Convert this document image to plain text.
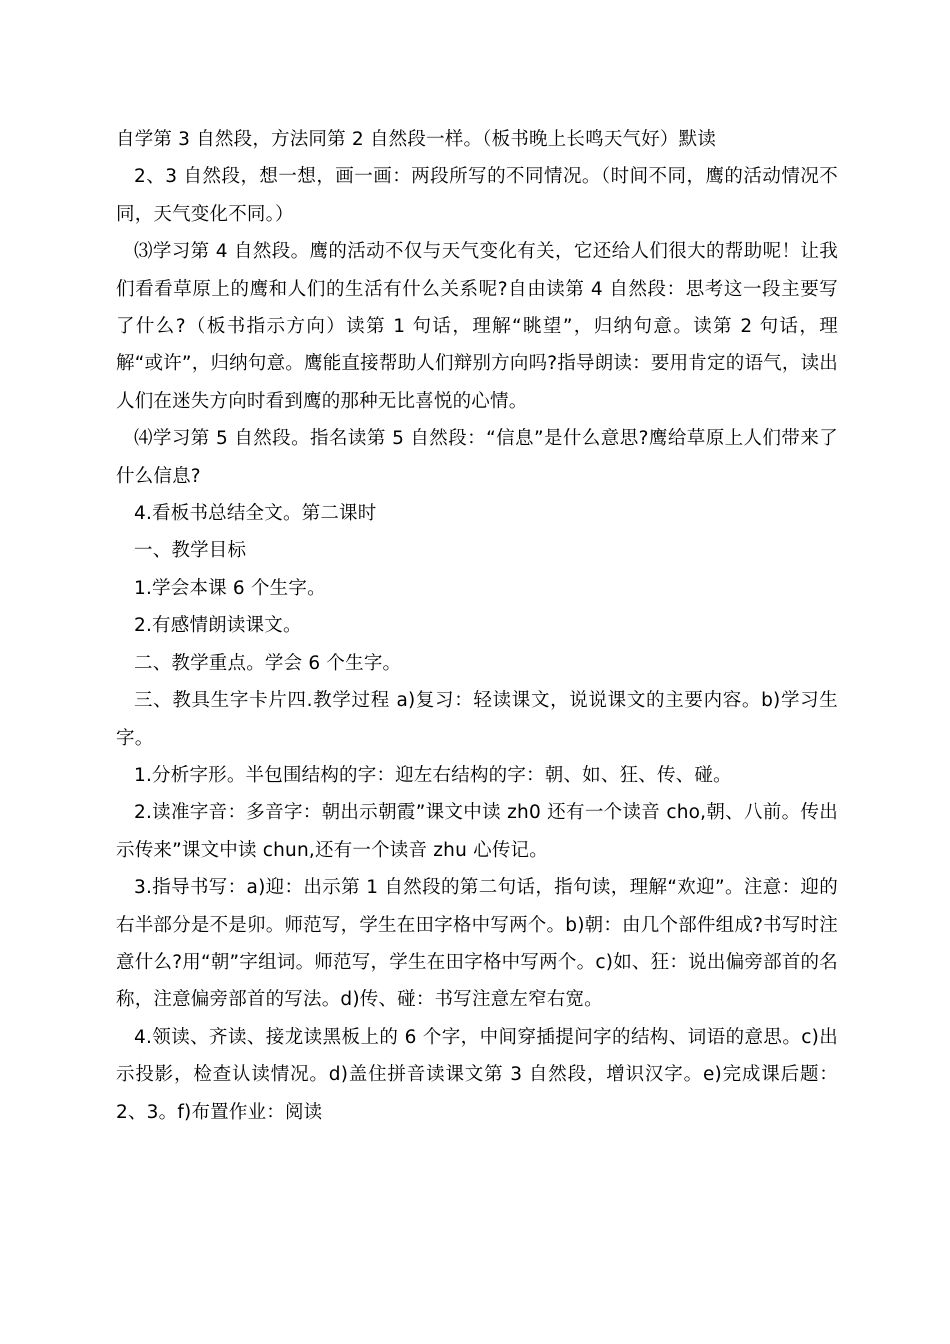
自学第 3 自然段，方法同第 2 自然段一样。（板书晚上长鸣天气好）默读

2、3 自然段，想一想，画一画：两段所写的不同情况。（时间不同，鹰的活动情况不同，天气变化不同。）

⑶学习第 4 自然段。鹰的活动不仅与天气变化有关，它还给人们很大的帮助呢！让我们看看草原上的鹰和人们的生活有什么关系呢?自由读第 4 自然段：思考这一段主要写了什么?（板书指示方向）读第 1 句话，理解“眺望”，归纳句意。读第 2 句话，理解“或许”，归纳句意。鹰能直接帮助人们辩别方向吗?指导朗读：要用肯定的语气，读出人们在迷失方向时看到鹰的那种无比喜悦的心情。

⑷学习第 5 自然段。指名读第 5 自然段：“信息”是什么意思?鹰给草原上人们带来了什么信息?

4.看板书总结全文。第二课时

一、教学目标

1.学会本课 6 个生字。

2.有感情朗读课文。

二、教学重点。学会 6 个生字。

三、教具生字卡片四.教学过程 a)复习：轻读课文，说说课文的主要内容。b)学习生字。

1.分析字形。半包围结构的字：迎左右结构的字：朝、如、狂、传、碰。

2.读准字音：多音字：朝出示朝霞”课文中读 zh0 还有一个读音 cho,朝、八前。传出示传来”课文中读 chun,还有一个读音 zhu 心传记。

3.指导书写：a)迎：出示第 1 自然段的第二句话，指句读，理解“欢迎”。注意：迎的右半部分是不是卯。师范写，学生在田字格中写两个。b)朝：由几个部件组成?书写时注意什么?用“朝”字组词。师范写，学生在田字格中写两个。c)如、狂：说出偏旁部首的名称，注意偏旁部首的写法。d)传、碰：书写注意左窄右宽。

4.领读、齐读、接龙读黑板上的 6 个字，中间穿插提问字的结构、词语的意思。c)出示投影，检查认读情况。d)盖住拼音读课文第 3 自然段，增识汉字。e)完成课后题：2、3。f)布置作业：阅读
